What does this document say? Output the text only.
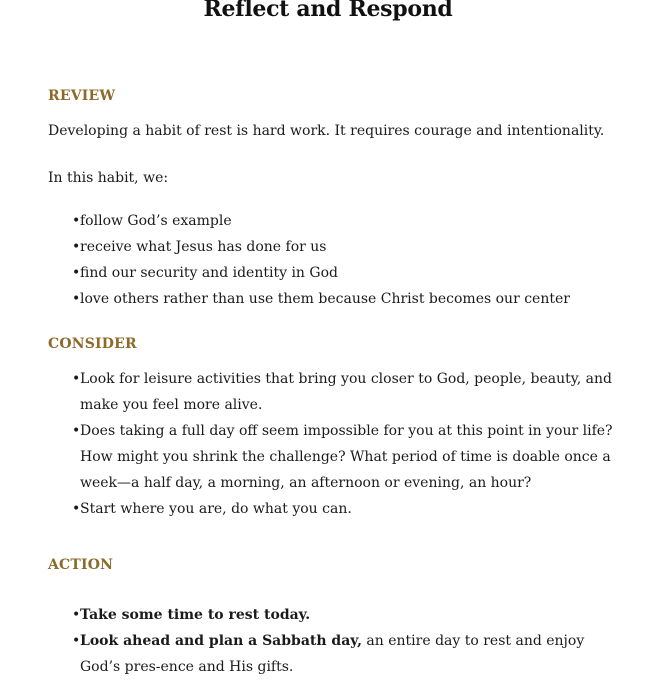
Reflect and Respond
REVIEW

Developing a habit of rest is hard work. It requires courage and intentionality.

In this habit, we:

•follow God’s example
•receive what Jesus has done for us
•find our security and identity in God
•love others rather than use them because Christ becomes our center
CONSIDER
•Look for leisure activities that bring you closer to God, people, beauty, and make you feel more alive.
•Does taking a full day off seem impossible for you at this point in your life? How might you shrink the challenge? What period of time is doable once a week—a half day, a morning, an afternoon or evening, an hour?
•Start where you are, do what you can.
ACTION
•Take some time to rest today.
•Look ahead and plan a Sabbath day, an entire day to rest and enjoy God’s pres-ence and His gifts.
